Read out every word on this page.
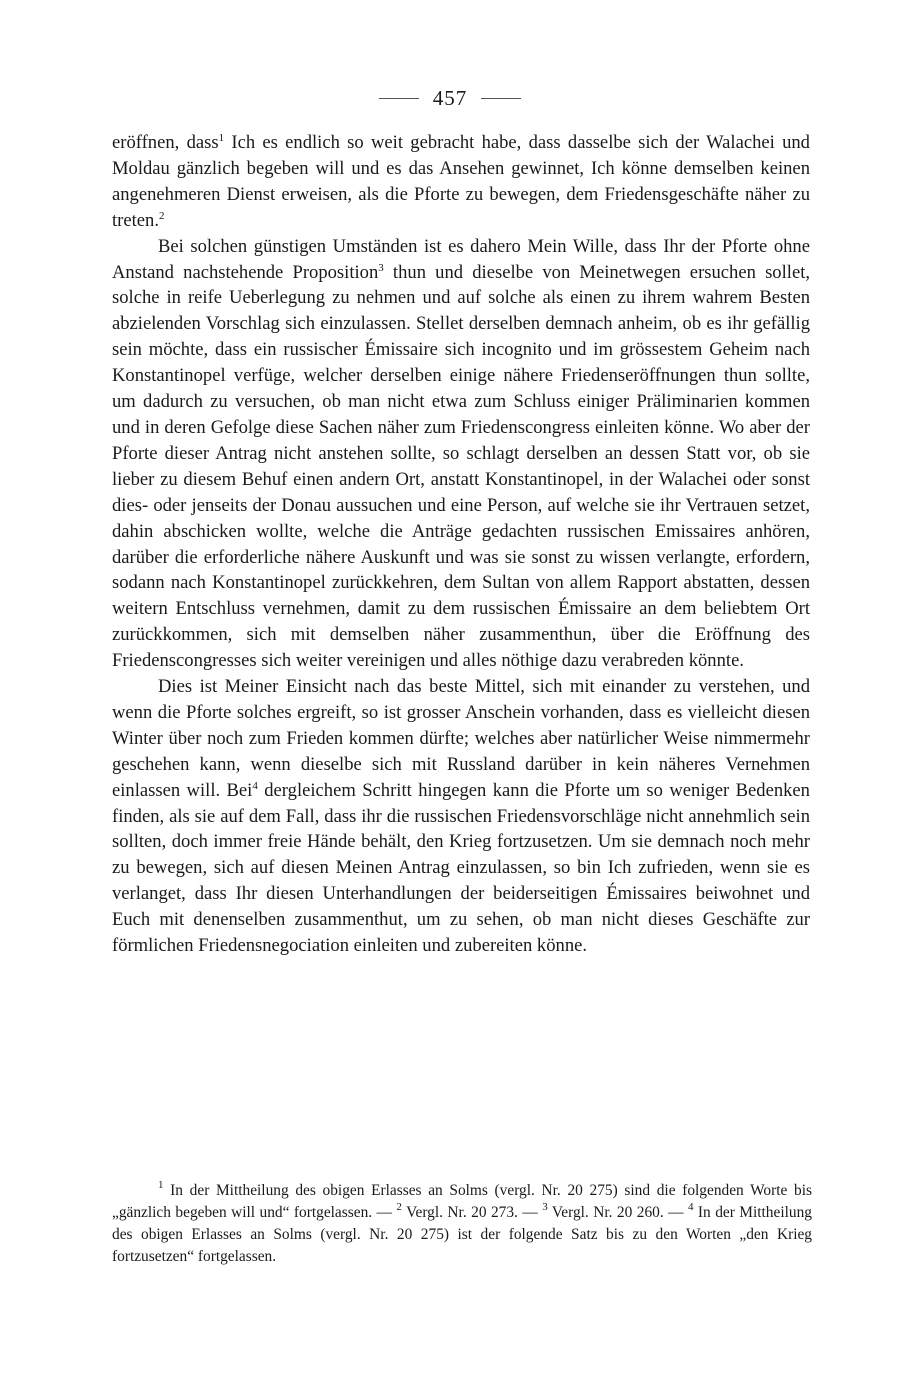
457

eröffnen, dass$^1$ Ich es endlich so weit gebracht habe, dass dasselbe sich der Walachei und Moldau gänzlich begeben will und es das Ansehen gewinnet, Ich könne demselben keinen angenehmeren Dienst erweisen, als die Pforte zu bewegen, dem Friedensgeschäfte näher zu treten.$^2$

Bei solchen günstigen Umständen ist es dahero Mein Wille, dass Ihr der Pforte ohne Anstand nachstehende Proposition$^3$ thun und dieselbe von Meinetwegen ersuchen sollet, solche in reife Ueberlegung zu nehmen und auf solche als einen zu ihrem wahrem Besten abzielenden Vorschlag sich einzulassen. Stellet derselben demnach anheim, ob es ihr gefällig sein möchte, dass ein russischer Émissaire sich incognito und im grössestem Geheim nach Konstantinopel verfüge, welcher derselben einige nähere Friedenseröffnungen thun sollte, um dadurch zu versuchen, ob man nicht etwa zum Schluss einiger Präliminarien kommen und in deren Gefolge diese Sachen näher zum Friedenscongress einleiten könne. Wo aber der Pforte dieser Antrag nicht anstehen sollte, so schlagt derselben an dessen Statt vor, ob sie lieber zu diesem Behuf einen andern Ort, anstatt Konstantinopel, in der Walachei oder sonst dies- oder jenseits der Donau aussuchen und eine Person, auf welche sie ihr Vertrauen setzet, dahin abschicken wollte, welche die Anträge gedachten russischen Emissaires anhören, darüber die erforderliche nähere Auskunft und was sie sonst zu wissen verlangte, erfordern, sodann nach Konstantinopel zurückkehren, dem Sultan von allem Rapport abstatten, dessen weitern Entschluss vernehmen, damit zu dem russischen Émissaire an dem beliebtem Ort zurückkommen, sich mit demselben näher zusammenthun, über die Eröffnung des Friedenscongresses sich weiter vereinigen und alles nöthige dazu verabreden könnte.

Dies ist Meiner Einsicht nach das beste Mittel, sich mit einander zu verstehen, und wenn die Pforte solches ergreift, so ist grosser Anschein vorhanden, dass es vielleicht diesen Winter über noch zum Frieden kommen dürfte; welches aber natürlicher Weise nimmermehr geschehen kann, wenn dieselbe sich mit Russland darüber in kein näheres Vernehmen einlassen will. Bei$^4$ dergleichem Schritt hingegen kann die Pforte um so weniger Bedenken finden, als sie auf dem Fall, dass ihr die russischen Friedensvorschläge nicht annehmlich sein sollten, doch immer freie Hände behält, den Krieg fortzusetzen. Um sie demnach noch mehr zu bewegen, sich auf diesen Meinen Antrag einzulassen, so bin Ich zufrieden, wenn sie es verlanget, dass Ihr diesen Unterhandlungen der beiderseitigen Émissaires beiwohnet und Euch mit denenselben zusammenthut, um zu sehen, ob man nicht dieses Geschäfte zur förmlichen Friedensnegociation einleiten und zubereiten könne.

$^1$ In der Mittheilung des obigen Erlasses an Solms (vergl. Nr. 20 275) sind die folgenden Worte bis „gänzlich begeben will und“ fortgelassen. — $^2$ Vergl. Nr. 20 273. — $^3$ Vergl. Nr. 20 260. — $^4$ In der Mittheilung des obigen Erlasses an Solms (vergl. Nr. 20 275) ist der folgende Satz bis zu den Worten „den Krieg fortzusetzen“ fortgelassen.
